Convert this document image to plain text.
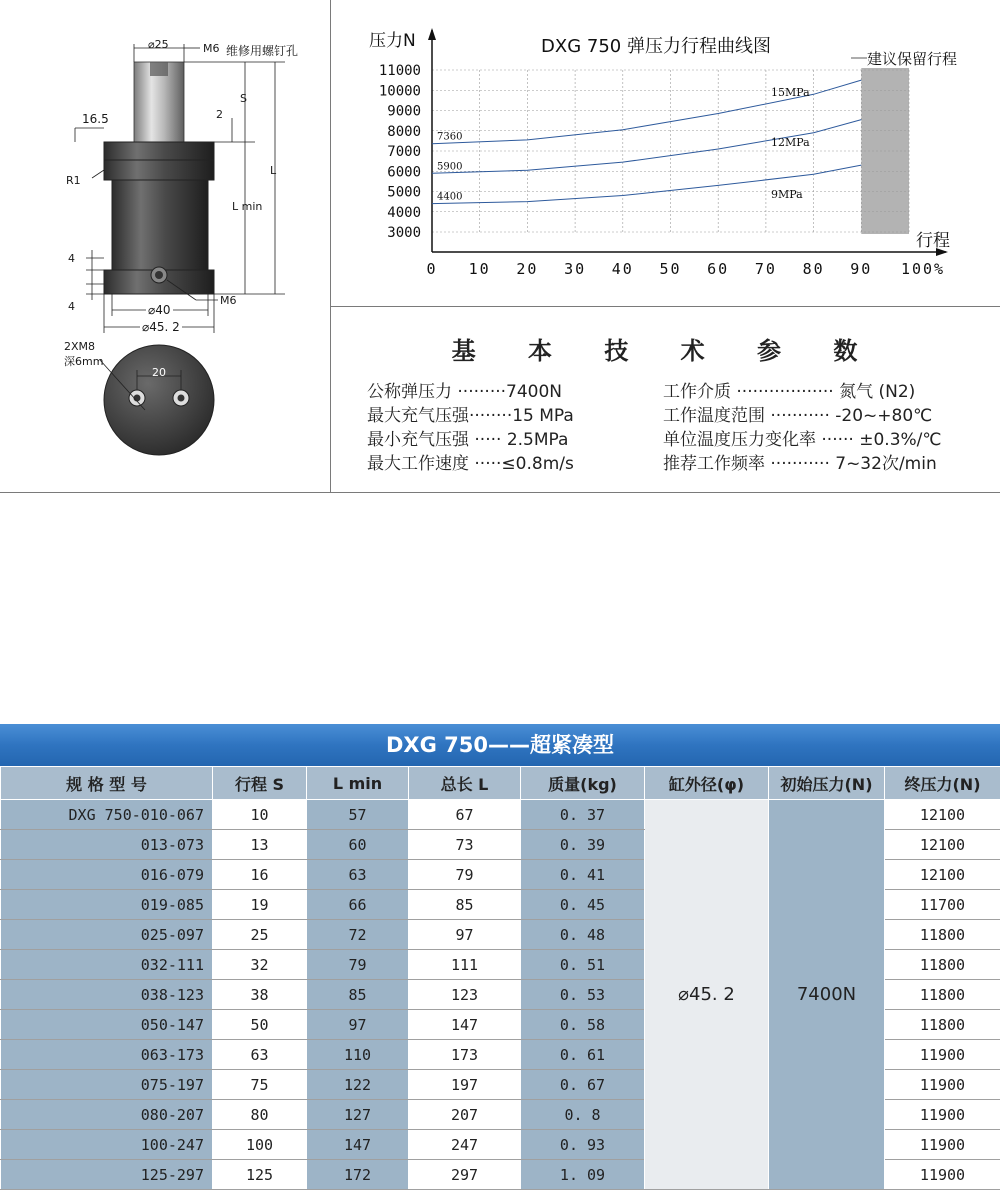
⌀25	M6 维修用螺钉孔
16.5	2
S
L
L min
R1
4
4	⌀40
M6
⌀45. 2
2XM8
深6mm
20
11000
10000
9000
8000
7000
6000
5000
4000
3000
0 10 20 30 40 50 60 70 80 90 100%
压力N
行程
DXG 750 弹压力行程曲线图
建议保留行程
7360
15MPa
5900
12MPa
4400	9MPa
基 本 技 术 参 数
公称弹压力 ·········7400N
最大充气压强········15 MPa
最小充气压强 ····· 2.5MPa
最大工作速度 ·····≤0.8m/s
工作介质 ·················· 氮气 (N2)
工作温度范围 ··········· -20~+80℃
单位温度压力变化率 ······ ±0.3%/℃
推荐工作频率 ··········· 7~32次/min
DXG 750——超紧凑型
规 格 型 号	行程 S	L min	总长 L	质量(kg)	缸外径(φ)	初始压力(N)	终压力(N)
DXG 750-010-067	10	57	67	0. 37	⌀45. 2	7400N	12100
013-073	13	60	73	0. 39			12100
016-079	16	63	79	0. 41			12100
019-085	19	66	85	0. 45			11700
025-097	25	72	97	0. 48			11800
032-111	32	79	111	0. 51			11800
038-123	38	85	123	0. 53			11800
050-147	50	97	147	0. 58			11800
063-173	63	110	173	0. 61			11900
075-197	75	122	197	0. 67			11900
080-207	80	127	207	0. 8			11900
100-247	100	147	247	0. 93			11900
125-297	125	172	297	1. 09			11900
